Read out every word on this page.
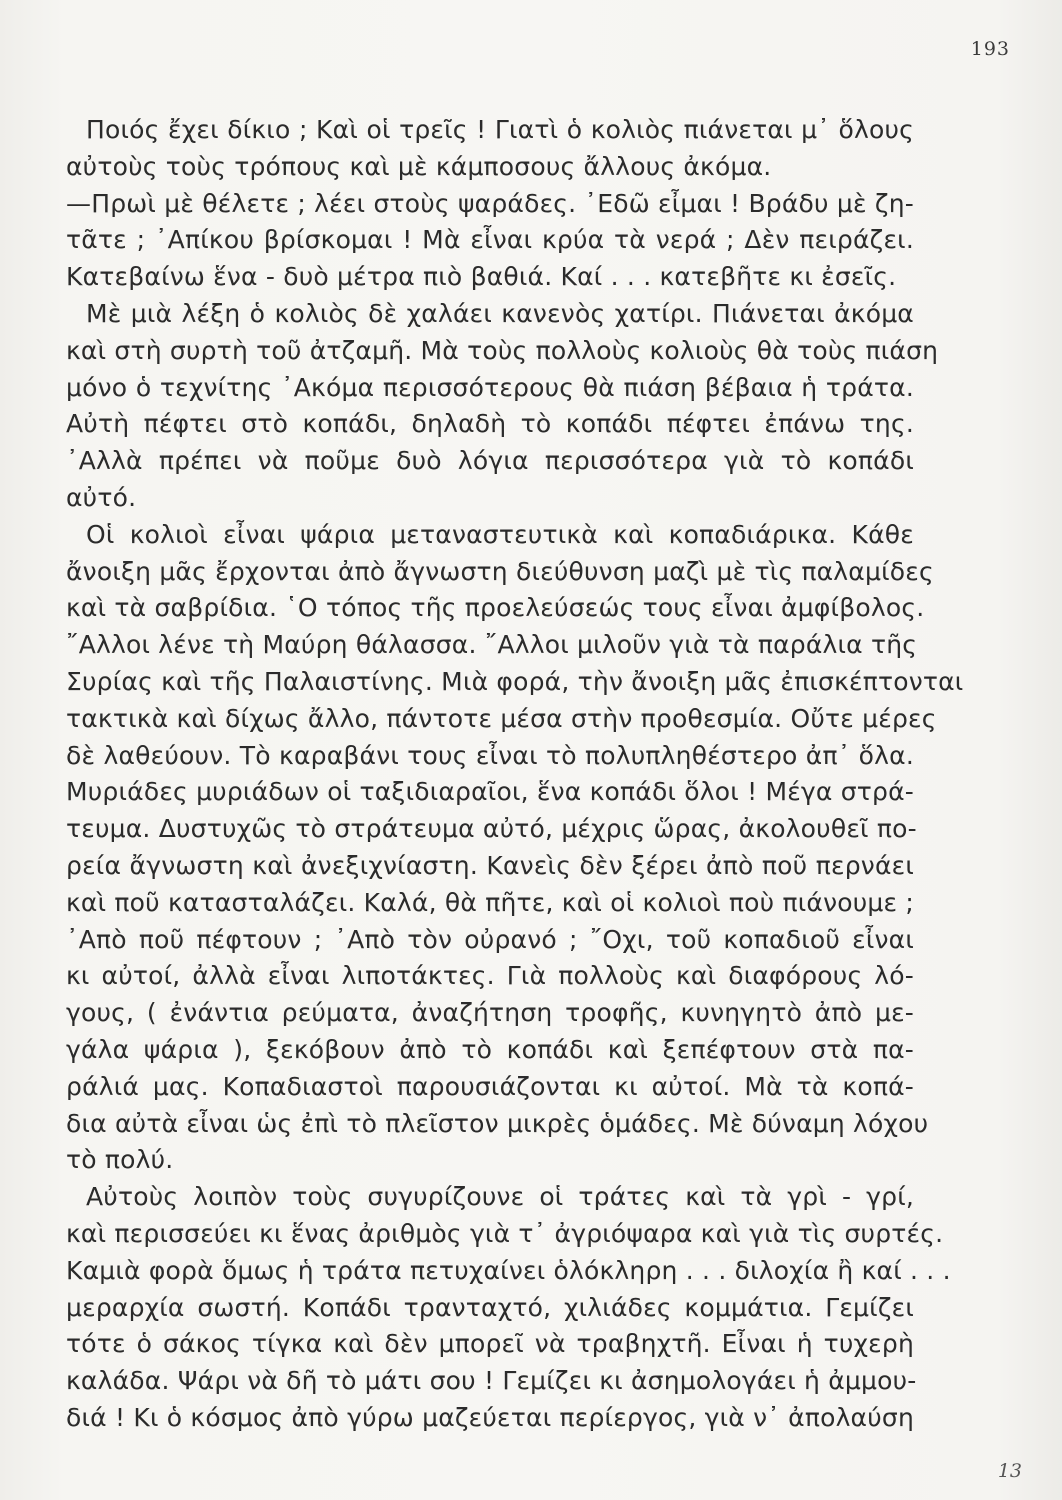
193
Ποιός ἔχει δίκιο ; Καὶ οἱ τρεῖς ! Γιατὶ ὁ κολιὸς πιάνεται μ᾽ ὅλους
αὐτοὺς τοὺς τρόπους καὶ μὲ κάμποσους ἄλλους ἀκόμα.
—Πρωὶ μὲ θέλετε ; λέει στοὺς ψαράδες. ᾿Εδῶ εἶμαι ! Βράδυ μὲ ζη-
τᾶτε ; ᾿Απίκου βρίσκομαι ! Μὰ εἶναι κρύα τὰ νερά ; Δὲν πειράζει.
Κατεβαίνω ἕνα - δυὸ μέτρα πιὸ βαθιά. Καί . . . κατεβῆτε κι ἐσεῖς.
Μὲ μιὰ λέξη ὁ κολιὸς δὲ χαλάει κανενὸς χατίρι. Πιάνεται ἀκόμα
καὶ στὴ συρτὴ τοῦ ἀτζαμῆ. Μὰ τοὺς πολλοὺς κολιοὺς θὰ τοὺς πιάση
μόνο ὁ τεχνίτης ᾿Ακόμα περισσότερους θὰ πιάση βέβαια ἡ τράτα.
Αὐτὴ πέφτει στὸ κοπάδι, δηλαδὴ τὸ κοπάδι πέφτει ἐπάνω της.
᾿Αλλὰ πρέπει νὰ ποῦμε δυὸ λόγια περισσότερα γιὰ τὸ κοπάδι
αὐτό.
Οἱ κολιοὶ εἶναι ψάρια μεταναστευτικὰ καὶ κοπαδιάρικα. Κάθε
ἄνοιξη μᾶς ἔρχονται ἀπὸ ἄγνωστη διεύθυνση μαζὶ μὲ τὶς παλαμίδες
καὶ τὰ σαβρίδια. ῾Ο τόπος τῆς προελεύσεώς τους εἶναι ἀμφίβολος.
῎Αλλοι λένε τὴ Μαύρη θάλασσα. ῎Αλλοι μιλοῦν γιὰ τὰ παράλια τῆς
Συρίας καὶ τῆς Παλαιστίνης. Μιὰ φορά, τὴν ἄνοιξη μᾶς ἐπισκέπτονται
τακτικὰ καὶ δίχως ἄλλο, πάντοτε μέσα στὴν προθεσμία. Οὔτε μέρες
δὲ λαθεύουν. Τὸ καραβάνι τους εἶναι τὸ πολυπληθέστερο ἀπ᾽ ὅλα.
Μυριάδες μυριάδων οἱ ταξιδιαραῖοι, ἕνα κοπάδι ὅλοι ! Μέγα στρά-
τευμα. Δυστυχῶς τὸ στράτευμα αὐτό, μέχρις ὥρας, ἀκολουθεῖ πο-
ρεία ἄγνωστη καὶ ἀνεξιχνίαστη. Κανεὶς δὲν ξέρει ἀπὸ ποῦ περνάει
καὶ ποῦ κατασταλάζει. Καλά, θὰ πῆτε, καὶ οἱ κολιοὶ ποὺ πιάνουμε ;
᾿Απὸ ποῦ πέφτουν ; ᾿Απὸ τὸν οὐρανό ; ῎Οχι, τοῦ κοπαδιοῦ εἶναι
κι αὐτοί, ἀλλὰ εἶναι λιποτάκτες. Γιὰ πολλοὺς καὶ διαφόρους λό-
γους, ( ἐνάντια ρεύματα, ἀναζήτηση τροφῆς, κυνηγητὸ ἀπὸ με-
γάλα ψάρια ), ξεκόβουν ἀπὸ τὸ κοπάδι καὶ ξεπέφτουν στὰ πα-
ράλιά μας. Κοπαδιαστοὶ παρουσιάζονται κι αὐτοί. Μὰ τὰ κοπά-
δια αὐτὰ εἶναι ὡς ἐπὶ τὸ πλεῖστον μικρὲς ὁμάδες. Μὲ δύναμη λόχου
τὸ πολύ.
Αὐτοὺς λοιπὸν τοὺς συγυρίζουνε οἱ τράτες καὶ τὰ γρὶ - γρί,
καὶ περισσεύει κι ἕνας ἀριθμὸς γιὰ τ᾽ ἀγριόψαρα καὶ γιὰ τὶς συρτές.
Καμιὰ φορὰ ὅμως ἡ τράτα πετυχαίνει ὁλόκληρη . . . διλοχία ἢ καί . . .
μεραρχία σωστή. Κοπάδι τρανταχτό, χιλιάδες κομμάτια. Γεμίζει
τότε ὁ σάκος τίγκα καὶ δὲν μπορεῖ νὰ τραβηχτῆ. Εἶναι ἡ τυχερὴ
καλάδα. Ψάρι νὰ δῆ τὸ μάτι σου ! Γεμίζει κι ἀσημολογάει ἡ ἀμμου-
διά ! Κι ὁ κόσμος ἀπὸ γύρω μαζεύεται περίεργος, γιὰ ν᾽ ἀπολαύση
13
